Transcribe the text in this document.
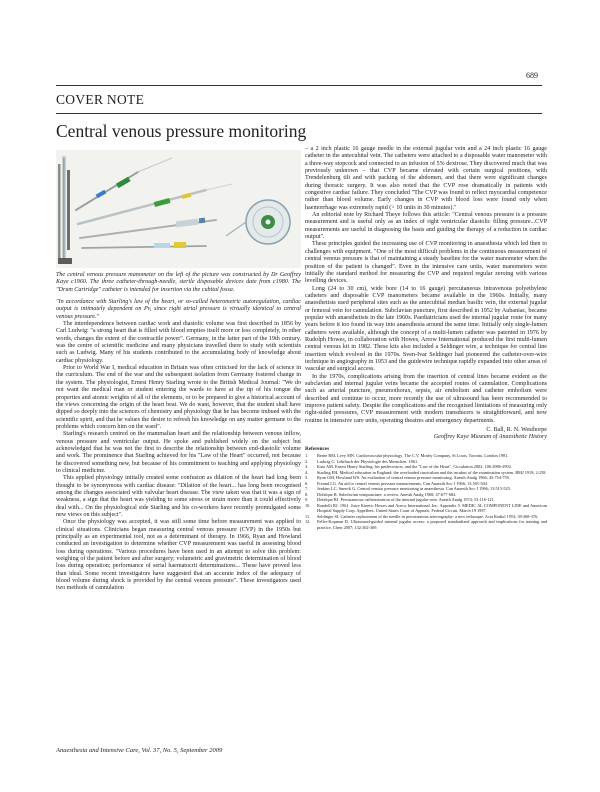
689
COVER NOTE
Central venous pressure monitoring

The central venous pressure manometer on the left of the picture was constructed by Dr Geoffrey Kaye c1960. The three catheter-through-needle, sterile disposable devices date from c1980. The "Drum Cartridge" catheter is intended for insertion via the cubital fossa.

"In accordance with Starling's law of the heart, or so-called heterometric autoregulation, cardiac output is intimately dependent on Pv, since right atrial pressure is virtually identical to central venous pressure."

The interdependence between cardiac work and diastolic volume was first described in 1856 by Carl Ludwig: "a strong heart that is filled with blood empties itself more or less completely, in other words, changes the extent of the contractile power". Germany, in the latter part of the 19th century, was the centre of scientific medicine and many physicians travelled there to study with scientists such as Ludwig. Many of his students contributed to the accumulating body of knowledge about cardiac physiology.

Prior to World War I, medical education in Britain was often criticised for the lack of science in the curriculum. The end of the war and the subsequent isolation from Germany fostered change in the system. The physiologist, Ernest Henry Starling wrote to the British Medical Journal: "We do not want the medical man or student entering the wards to have at the tip of his tongue the properties and atomic weights of all of the elements, or to be prepared to give a historical account of the views concerning the origin of the heart beat. We do want, however, that the student shall have dipped so deeply into the sciences of chemistry and physiology that he has become imbued with the scientific spirit, and that he values the desire to refresh his knowledge on any matter germane to the problems which concern him on the ward".

Starling's research centred on the mammalian heart and the relationship between venous inflow, venous pressure and ventricular output. He spoke and published widely on the subject but acknowledged that he was not the first to describe the relationship between end-diastolic volume and work. The prominence that Starling achieved for his "Law of the Heart" occurred, not because he discovered something new, but because of his commitment to teaching and applying physiology to clinical medicine.

This applied physiology initially created some confusion as dilation of the heart had long been thought to be synonymous with cardiac disease: "Dilation of the heart... has long been recognised among the changes associated with valvular heart disease. The view taken was that it was a sign of weakness, a sign that the heart was yielding to some stress or strain more than it could effectively deal with... On the physiological side Starling and his co-workers have recently promulgated some new views on this subject".

Once the physiology was accepted, it was still some time before measurement was applied to clinical situations. Clinicians began measuring central venous pressure (CVP) in the 1950s but principally as an experimental tool, not as a determinant of therapy. In 1966, Ryan and Howland conducted an investigation to determine whether CVP measurement was useful in assessing blood loss during operations. "Various procedures have been used in an attempt to solve this problem: weighing of the patient before and after surgery; volumetric and gravimetric determination of blood loss during operation; performance of serial haematocrit determinations... These have proved less than ideal. Some recent investigators have suggested that an accurate index of the adequacy of blood volume during shock is provided by the central venous pressure". These investigators used two methods of cannulation

– a 2 inch plastic 16 gauge needle in the external jugular vein and a 24 inch plastic 16 gauge catheter in the antecubital vein. The catheters were attached to a disposable water manometer with a three-way stopcock and connected to an infusion of 5% dextrose. They discovered much that was previously unknown – that CVP became elevated with certain surgical positions, with Trendelenburg tilt and with packing of the abdomen, and that there were significant changes during thoracic surgery. It was also noted that the CVP rose dramatically in patients with congestive cardiac failure. They concluded "The CVP was found to reflect myocardial competence rather than blood volume. Early changes in CVP with blood loss were found only when haemorrhage was extremely rapid (> 10 units in 30 minutes)."

An editorial note by Richard Theye follows this article: "Central venous pressure is a pressure measurement and is useful only as an index of right ventricular diastolic filling pressure...CVP measurements are useful in diagnosing the basis and guiding the therapy of a reduction in cardiac output".

These principles guided the increasing use of CVP monitoring in anaesthesia which led then to challenges with equipment. "One of the most difficult problems in the continuous measurement of central venous pressure is that of maintaining a steady baseline for the water manometer when the position of the patient is changed". Even in the intensive care units, water manometers were initially the standard method for measuring the CVP and required regular zeroing with various levelling devices.

Long (24 to 30 cm), wide bore (14 to 16 gauge) percutaneous intravenous polyethylene catheters and disposable CVP manometers became available in the 1960s. Initially, many anaesthetists used peripheral sites such as the antecubital median basilic vein, the external jugular or femoral vein for cannulation. Subclavian puncture, first described in 1952 by Aubaniac, became popular with anaesthetists in the late 1960s. Paediatricians used the internal jugular route for many years before it too found its way into anaesthesia around the same time. Initially only single-lumen catheters were available, although the concept of a multi-lumen catheter was patented in 1976 by Rudolph Howes, in collaboration with Howes, Arrow International produced the first multi-lumen central venous kit in 1982. These kits also included a Seldinger wire, a technique for central line insertion which evolved in the 1970s. Sven-Ivar Seldinger had pioneered the catheter-over-wire technique in angiography in 1953 and the guidewire technique rapidly expanded into other areas of vascular and surgical access.

In the 1970s, complications arising from the insertion of central lines became evident as the subclavian and internal jugular veins became the accepted routes of cannulation. Complications such as arterial puncture, pneumothorax, sepsis, air embolism and catheter embolism were described and continue to occur, more recently the use of ultrasound has been recommended to improve patient safety. Despite the complications and the recognised limitations of measuring only right-sided pressures, CVP measurement with modern transducers is straightforward, and now routine in intensive care units, operating theatres and emergency departments.

C. Ball, R. N. Westhorpe
Geoffrey Kaye Museum of Anaesthetic History
References
1.	Berne RM, Levy MN. Cardiovascular physiology. The C.V. Mosby Company, St Louis, Toronto, London 1981.
2.	Ludwig C. Lehrbuch der Physiologie des Menschen. 1861.
3.	Katz AM. Ernest Henry Starling, his predecessors, and the "Law of the Heart". Circulation 2002; 106:2986-2992.
4.	Starling EH. Medical education in England: the overloaded curriculum and the incubus of the examination system. BMJ 1918; 2:258.
5.	Ryan GM, Howland WS. An evaluation of central venous pressure monitoring. Anesth Analg 1966; 45:754-759.
6.	Freund LG. An aid to central venous pressure measurements. Can Anaesth Soc J 1966; 13:501-504.
7.	Jenkins LC, Sneeck G. Central venous pressure monitoring in anaesthesia. Can Anaesth Soc J 1966; 13:515-525.
8.	Defalque R. Subclavian venipuncture: a review. Anesth Analg 1968; 47:677-682.
9.	Defalque RJ. Percutaneous catheterization of the internal jugular vein. Anesth Analg 1974; 53:116-121.
10.	Rondelli RJ. 1961. Juice Kinetic Howes and Arrow International, Inc. Appendix 5. MEDIC AL COMPONENT LINE and American Hospital Supply Corp. Appellees. United States Court of Appeals, Federal Circuit. March 19 1987.
11.	Seldinger SI. Catheter replacement of the needle in percutaneous arteriography: a new technique. Acta Radiol 1953; 39:368-376.
12.	Feller-Kopman D. Ultrasound-guided internal jugular access: a proposed standardized approach and implications for training and practice. Chest 2007; 132:302-309.
Anaesthesia and Intensive Care, Vol. 37, No. 5, September 2009
